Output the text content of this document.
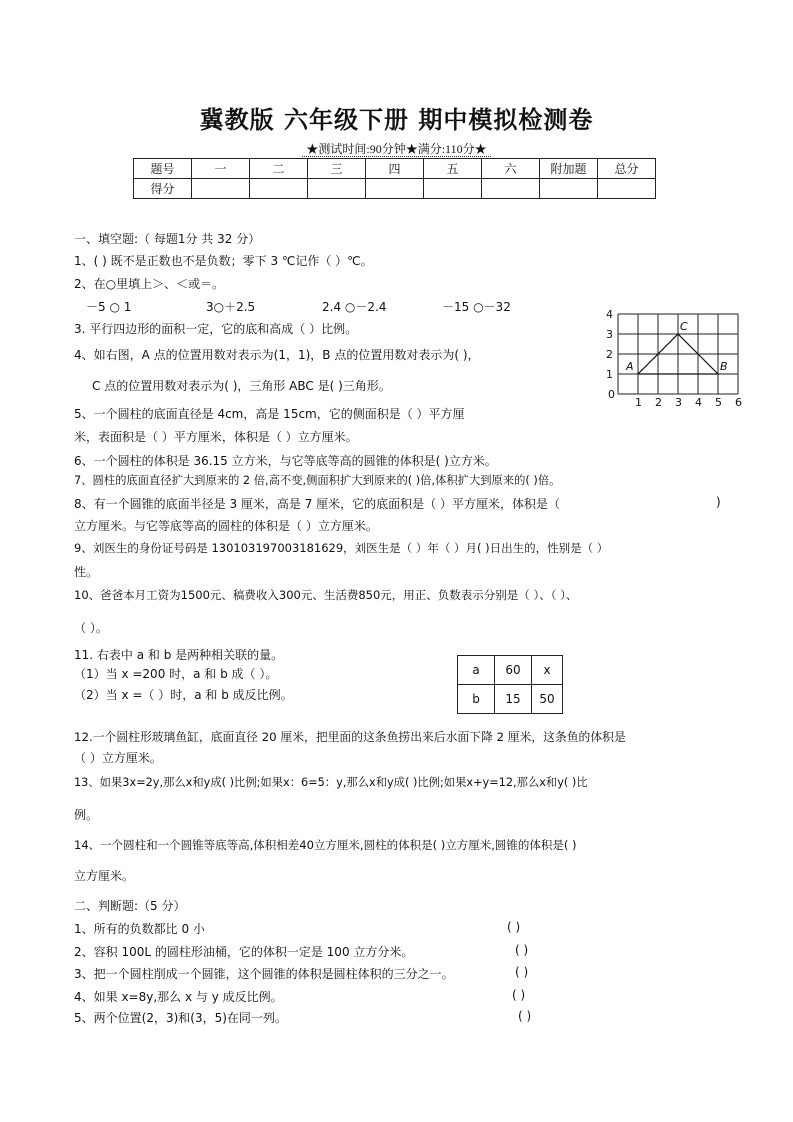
冀教版 六年级下册 期中模拟检测卷
★测试时间:90分钟★满分:110分★
题号	一	二	三	四	五	六	附加题	总分
得分								
一、填空题:（ 每题1分 共 32 分）
1、( ) 既不是正数也不是负数；零下 3 ℃记作（ ）℃。
2、在○里填上＞、＜或＝。
－5 ○ 1	3○＋2.5	2.4 ○－2.4	－15 ○－32
3. 平行四边形的面积一定，它的底和高成（ ）比例。
4、如右图，A 点的位置用数对表示为(1，1)，B 点的位置用数对表示为( )，
C 点的位置用数对表示为( )，三角形 ABC 是( )三角形。
4
3
2
1
0
1 2 3 4 5 6
A
C
B
5、一个圆柱的底面直径是 4cm，高是 15cm，它的侧面积是（ ）平方厘
米，表面积是（ ）平方厘米，体积是（ ）立方厘米。
6、一个圆柱的体积是 36.15 立方米，与它等底等高的圆锥的体积是( )立方米。
7、圆柱的底面直径扩大到原来的 2 倍,高不变,侧面积扩大到原来的( )倍,体积扩大到原来的( )倍。
8、有一个圆锥的底面半径是 3 厘米，高是 7 厘米，它的底面积是（ ）平方厘米，体积是（	)
立方厘米。与它等底等高的圆柱的体积是（ ）立方厘米。
9、刘医生的身份证号码是 130103197003181629，刘医生是（ ）年（ ）月( )日出生的，性别是（ ）
性。
10、爸爸本月工资为1500元、稿费收入300元、生活费850元，用正、负数表示分别是（ ）、（ ）、
（ ）。
11. 右表中 a 和 b 是两种相关联的量。
（1）当 x =200 时，a 和 b 成（ ）。
（2）当 x =（ ）时，a 和 b 成反比例。
a	60	x
b	15	50
12.一个圆柱形玻璃鱼缸，底面直径 20 厘米，把里面的这条鱼捞出来后水面下降 2 厘米，这条鱼的体积是
（ ）立方厘米。
13、如果3x=2y,那么x和y成( )比例;如果x：6=5：y,那么x和y成( )比例;如果x+y=12,那么x和y( )比
例。
14、一个圆柱和一个圆锥等底等高,体积相差40立方厘米,圆柱的体积是( )立方厘米,圆锥的体积是( )
立方厘米。
二、判断题:（5 分）
1、所有的负数都比 0 小	( )
2、容积 100L 的圆柱形油桶，它的体积一定是 100 立方分米。	( )
3、把一个圆柱削成一个圆锥，这个圆锥的体积是圆柱体积的三分之一。	( )
4、如果 x=8y,那么 x 与 y 成反比例。	( )
5、两个位置(2，3)和(3，5)在同一列。	( )
